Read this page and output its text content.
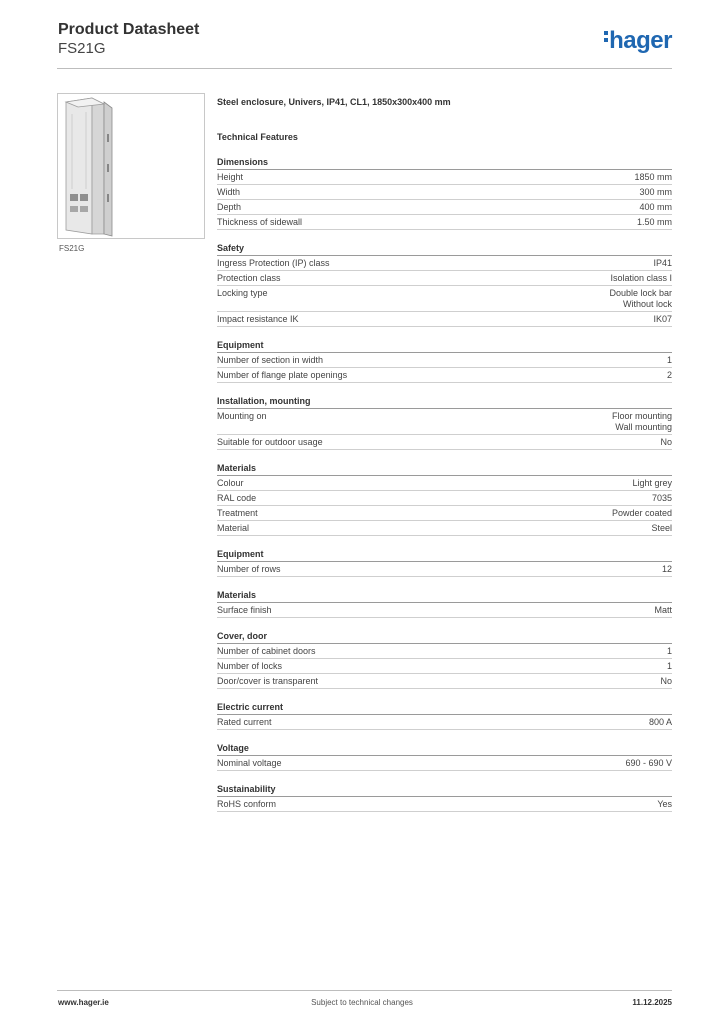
Product Datasheet
FS21G	hager
FS21G
Steel enclosure, Univers, IP41, CL1, 1850x300x400 mm
Technical Features
Dimensions
Height	1850 mm
Width	300 mm
Depth	400 mm
Thickness of sidewall	1.50 mm
Safety
Ingress Protection (IP) class	IP41
Protection class	Isolation class I
Locking type	Double lock bar
Without lock
Impact resistance IK	IK07
Equipment
Number of section in width	1
Number of flange plate openings	2
Installation, mounting
Mounting on	Floor mounting
Wall mounting
Suitable for outdoor usage	No
Materials
Colour	Light grey
RAL code	7035
Treatment	Powder coated
Material	Steel
Equipment
Number of rows	12
Materials
Surface finish	Matt
Cover, door
Number of cabinet doors	1
Number of locks	1
Door/cover is transparent	No
Electric current
Rated current	800 A
Voltage
Nominal voltage	690 - 690 V
Sustainability
RoHS conform	Yes
www.hager.ie	Subject to technical changes	11.12.2025
